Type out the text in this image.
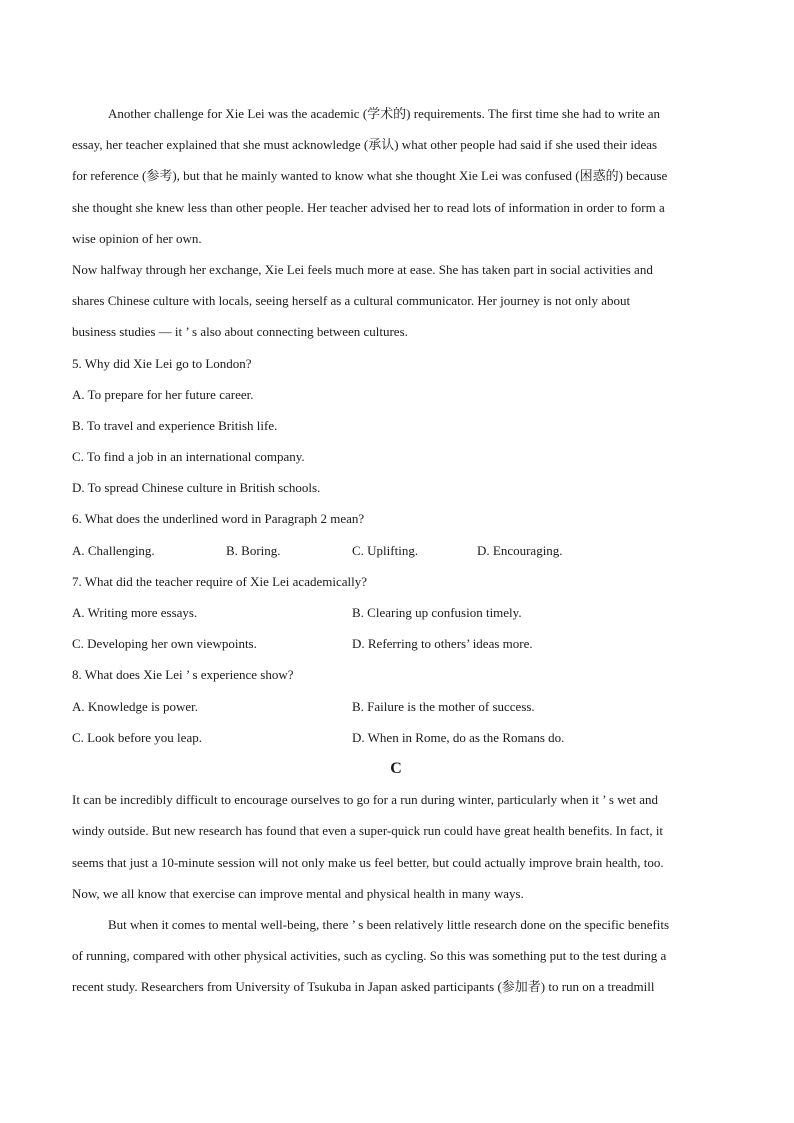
Another challenge for Xie Lei was the academic (学术的) requirements. The first time she had to write an
essay, her teacher explained that she must acknowledge (承认) what other people had said if she used their ideas
for reference (参考), but that he mainly wanted to know what she thought Xie Lei was confused (困惑的) because
she thought she knew less than other people. Her teacher advised her to read lots of information in order to form a
wise opinion of her own.
Now halfway through her exchange, Xie Lei feels much more at ease. She has taken part in social activities and
shares Chinese culture with locals, seeing herself as a cultural communicator. Her journey is not only about
business studies — it ’ s also about connecting between cultures.
5. Why did Xie Lei go to London?
A. To prepare for her future career.
B. To travel and experience British life.
C. To find a job in an international company.
D. To spread Chinese culture in British schools.
6. What does the underlined word in Paragraph 2 mean?
A. Challenging.	B. Boring.	C. Uplifting.	D. Encouraging.
7. What did the teacher require of Xie Lei academically?
A. Writing more essays.	B. Clearing up confusion timely.
C. Developing her own viewpoints.	D. Referring to others’ ideas more.
8. What does Xie Lei ’ s experience show?
A. Knowledge is power.	B. Failure is the mother of success.
C. Look before you leap.	D. When in Rome, do as the Romans do.
C
It can be incredibly difficult to encourage ourselves to go for a run during winter, particularly when it ’ s wet and
windy outside. But new research has found that even a super-quick run could have great health benefits. In fact, it
seems that just a 10-minute session will not only make us feel better, but could actually improve brain health, too.
Now, we all know that exercise can improve mental and physical health in many ways.
But when it comes to mental well-being, there ’ s been relatively little research done on the specific benefits
of running, compared with other physical activities, such as cycling. So this was something put to the test during a
recent study. Researchers from University of Tsukuba in Japan asked participants (参加者) to run on a treadmill
